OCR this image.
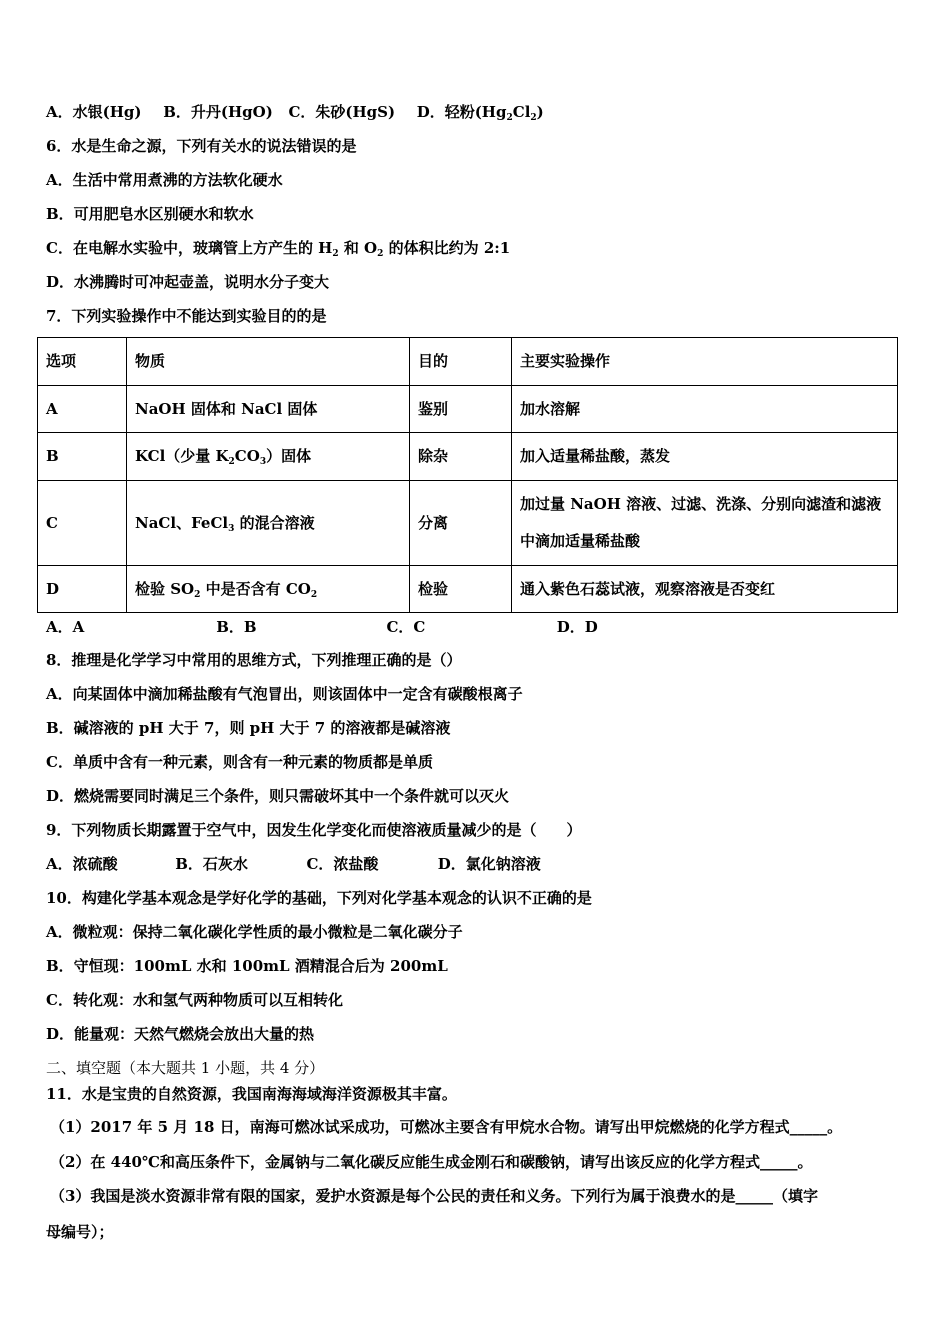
A．水银(Hg) B．升丹(HgO) C．朱砂(HgS) D．轻粉$(Hg_2Cl_2)$
6．水是生命之源，下列有关水的说法错误的是
A．生活中常用煮沸的方法软化硬水
B．可用肥皂水区别硬水和软水
C．在电解水实验中，玻璃管上方产生的 $H_2$ 和 $O_2$ 的体积比约为 2:1
D．水沸腾时可冲起壶盖，说明水分子变大
7．下列实验操作中不能达到实验目的的是
选项	物质	目的	主要实验操作
A	NaOH 固体和 NaCl 固体	鉴别	加水溶解
B	KCl（少量 $K_2CO_3$）固体	除杂	加入适量稀盐酸，蒸发
C	NaCl、FeCl$_3$ 的混合溶液	分离	加过量 NaOH 溶液、过滤、洗涤、分别向滤渣和滤液
中滴加适量稀盐酸

D	检验 $SO_2$ 中是否含有 $CO_2$	检验	通入紫色石蕊试液，观察溶液是否变红
A．A	B．B	C．C	D．D
8．推理是化学学习中常用的思维方式，下列推理正确的是（）
A．向某固体中滴加稀盐酸有气泡冒出，则该固体中一定含有碳酸根离子
B．碱溶液的 pH 大于 7，则 pH 大于 7 的溶液都是碱溶液
C．单质中含有一种元素，则含有一种元素的物质都是单质
D．燃烧需要同时满足三个条件，则只需破坏其中一个条件就可以灭火
9．下列物质长期露置于空气中，因发生化学变化而使溶液质量减少的是（　　）
A．浓硫酸	B．石灰水	C．浓盐酸	D．氯化钠溶液
10．构建化学基本观念是学好化学的基础，下列对化学基本观念的认识不正确的是
A．微粒观：保持二氧化碳化学性质的最小微粒是二氧化碳分子
B．守恒现：100mL 水和 100mL 酒精混合后为 200mL
C．转化观：水和氢气两种物质可以互相转化
D．能量观：天然气燃烧会放出大量的热
二、填空题（本大题共 1 小题，共 4 分）
11．水是宝贵的自然资源，我国南海海域海洋资源极其丰富。
（1）2017 年 5 月 18 日，南海可燃冰试采成功，可燃冰主要含有甲烷水合物。请写出甲烷燃烧的化学方程式_____。
（2）在 440℃和高压条件下，金属钠与二氧化碳反应能生成金刚石和碳酸钠，请写出该反应的化学方程式_____。
（3）我国是淡水资源非常有限的国家，爱护水资源是每个公民的责任和义务。下列行为属于浪费水的是_____（填字
母编号）；
